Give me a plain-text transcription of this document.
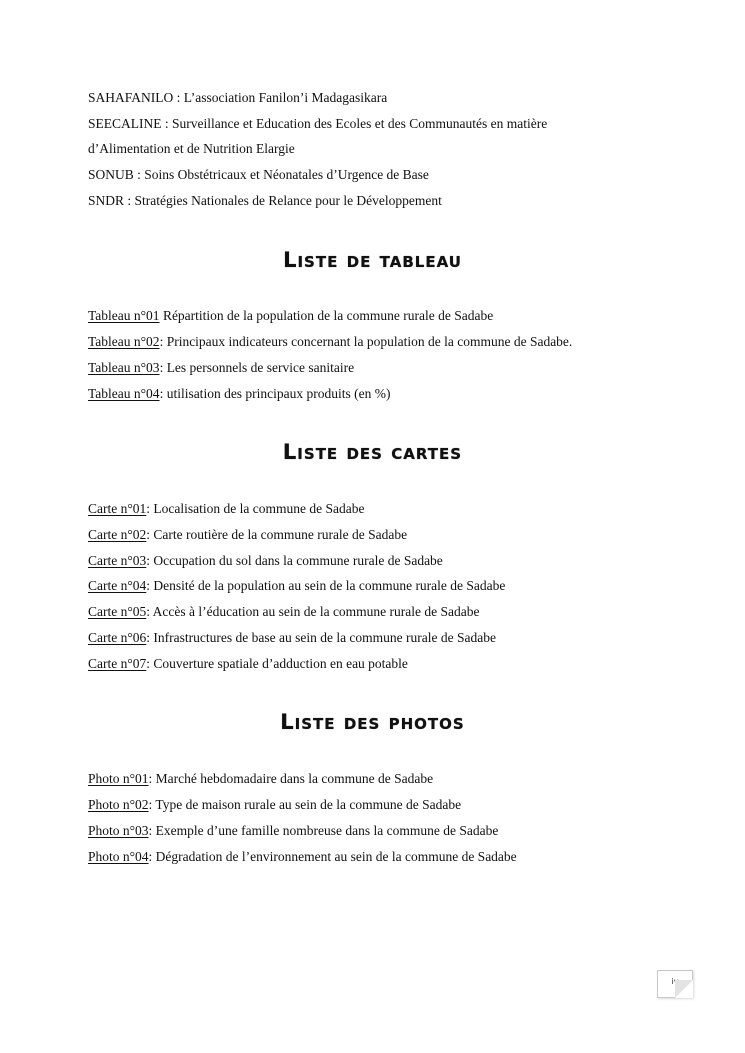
SAHAFANILO : L’association Fanilon’i Madagasikara
SEECALINE : Surveillance et Education des Ecoles et des Communautés en matière
d’Alimentation et de Nutrition Elargie
SONUB : Soins Obstétricaux et Néonatales d’Urgence de Base
SNDR : Stratégies Nationales de Relance pour le Développement
Liste de tableau
Tableau n°01 Répartition de la population de la commune rurale de Sadabe
Tableau n°02: Principaux indicateurs concernant la population de la commune de Sadabe.
Tableau n°03: Les personnels de service sanitaire
Tableau n°04: utilisation des principaux produits (en %)
Liste des cartes
Carte n°01: Localisation de la commune de Sadabe
Carte n°02: Carte routière de la commune rurale de Sadabe
Carte n°03: Occupation du sol dans la commune rurale de Sadabe
Carte n°04: Densité de la population au sein de la commune rurale de Sadabe
Carte n°05: Accès à l’éducation au sein de la commune rurale de Sadabe
Carte n°06: Infrastructures de base au sein de la commune rurale de Sadabe
Carte n°07: Couverture spatiale d’adduction en eau potable
Liste des photos
Photo n°01: Marché hebdomadaire dans la commune de Sadabe
Photo n°02: Type de maison rurale au sein de la commune de Sadabe
Photo n°03: Exemple d’une famille nombreuse dans la commune de Sadabe
Photo n°04: Dégradation de l’environnement au sein de la commune de Sadabe
iv
